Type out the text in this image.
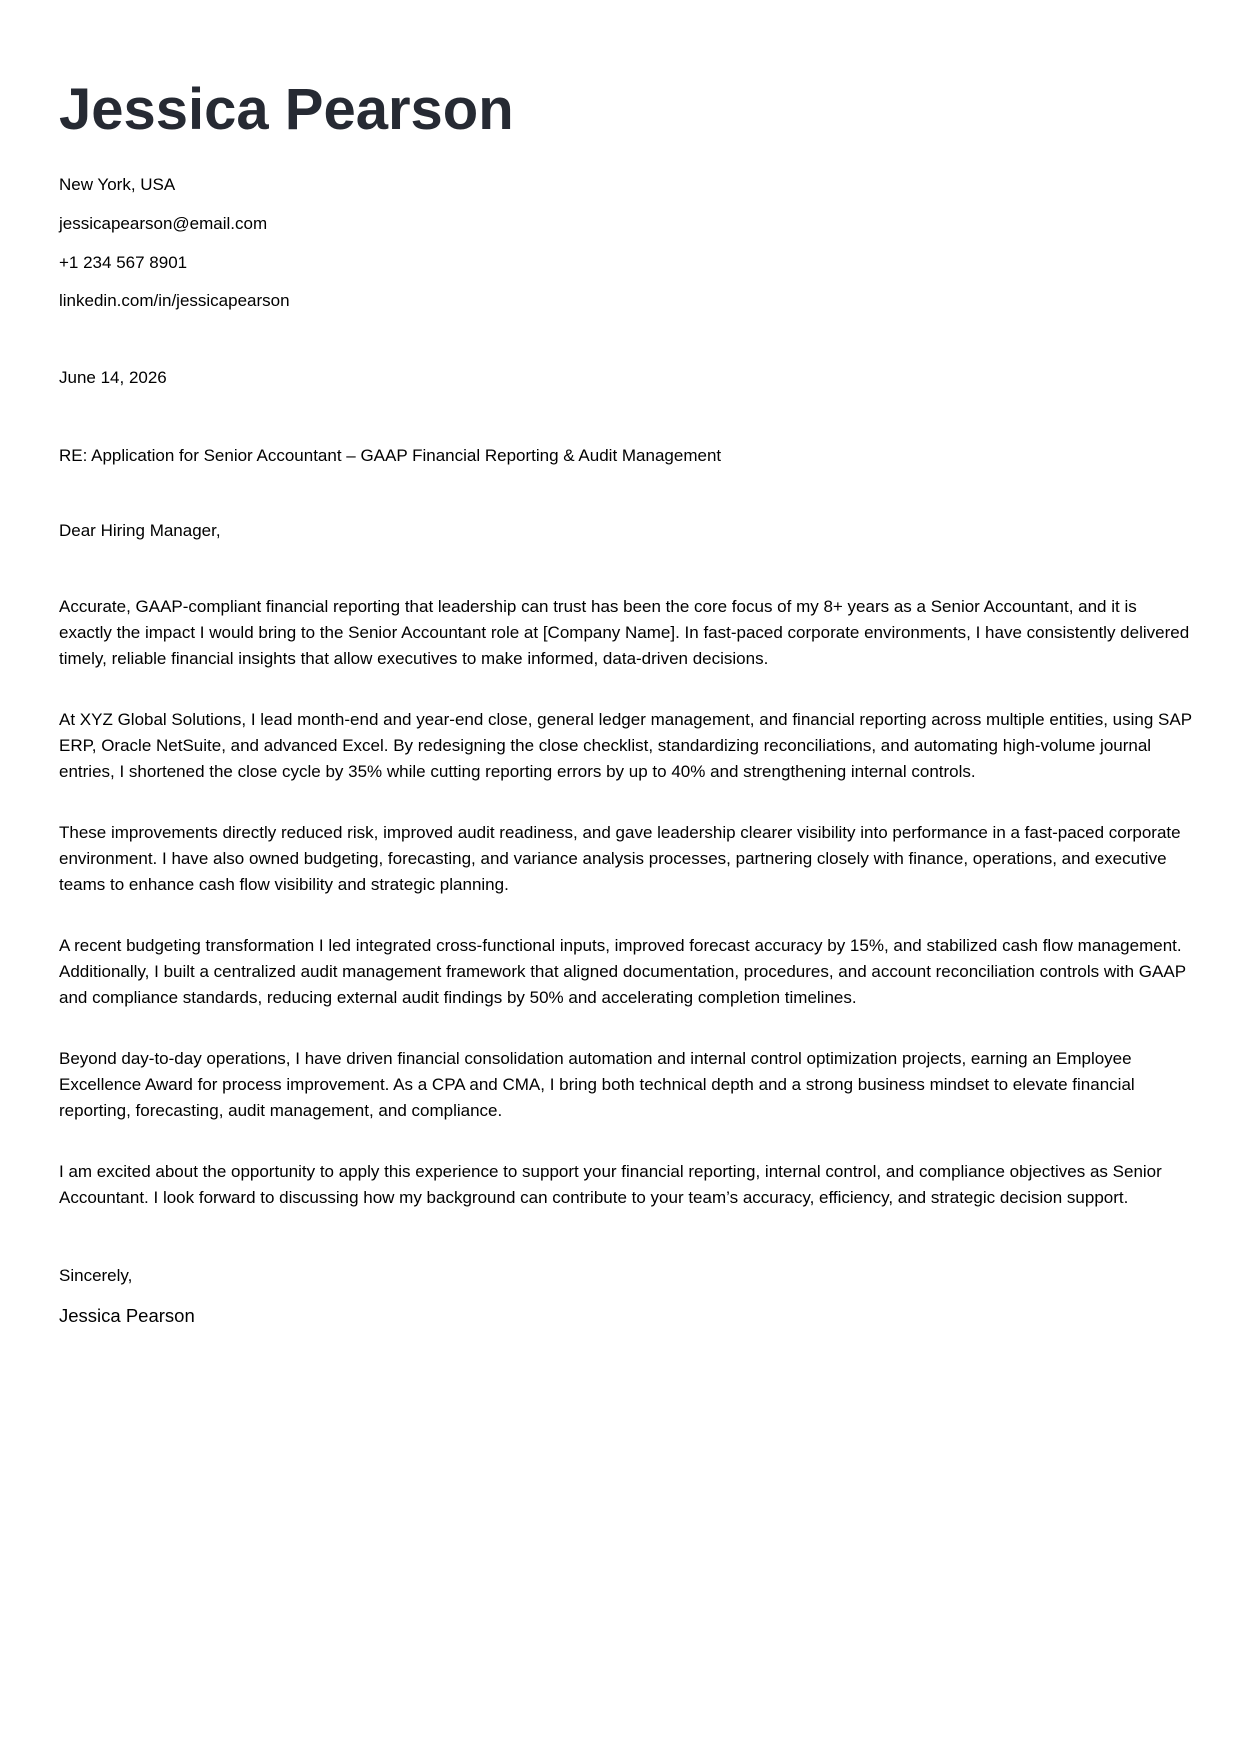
Jessica Pearson
New York, USA
jessicapearson@email.com
+1 234 567 8901
linkedin.com/in/jessicapearson
June 14, 2026
RE: Application for Senior Accountant – GAAP Financial Reporting & Audit Management
Dear Hiring Manager,

Accurate, GAAP-compliant financial reporting that leadership can trust has been the core focus of my 8+ years as a Senior Accountant, and it is exactly the impact I would bring to the Senior Accountant role at [Company Name]. In fast-paced corporate environments, I have consistently delivered timely, reliable financial insights that allow executives to make informed, data-driven decisions.

At XYZ Global Solutions, I lead month-end and year-end close, general ledger management, and financial reporting across multiple entities, using SAP ERP, Oracle NetSuite, and advanced Excel. By redesigning the close checklist, standardizing reconciliations, and automating high-volume journal entries, I shortened the close cycle by 35% while cutting reporting errors by up to 40% and strengthening internal controls.

These improvements directly reduced risk, improved audit readiness, and gave leadership clearer visibility into performance in a fast-paced corporate environment. I have also owned budgeting, forecasting, and variance analysis processes, partnering closely with finance, operations, and executive teams to enhance cash flow visibility and strategic planning.

A recent budgeting transformation I led integrated cross-functional inputs, improved forecast accuracy by 15%, and stabilized cash flow management. Additionally, I built a centralized audit management framework that aligned documentation, procedures, and account reconciliation controls with GAAP and compliance standards, reducing external audit findings by 50% and accelerating completion timelines.

Beyond day-to-day operations, I have driven financial consolidation automation and internal control optimization projects, earning an Employee Excellence Award for process improvement. As a CPA and CMA, I bring both technical depth and a strong business mindset to elevate financial reporting, forecasting, audit management, and compliance.

I am excited about the opportunity to apply this experience to support your financial reporting, internal control, and compliance objectives as Senior Accountant. I look forward to discussing how my background can contribute to your team’s accuracy, efficiency, and strategic decision support.

Sincerely,
Jessica Pearson
